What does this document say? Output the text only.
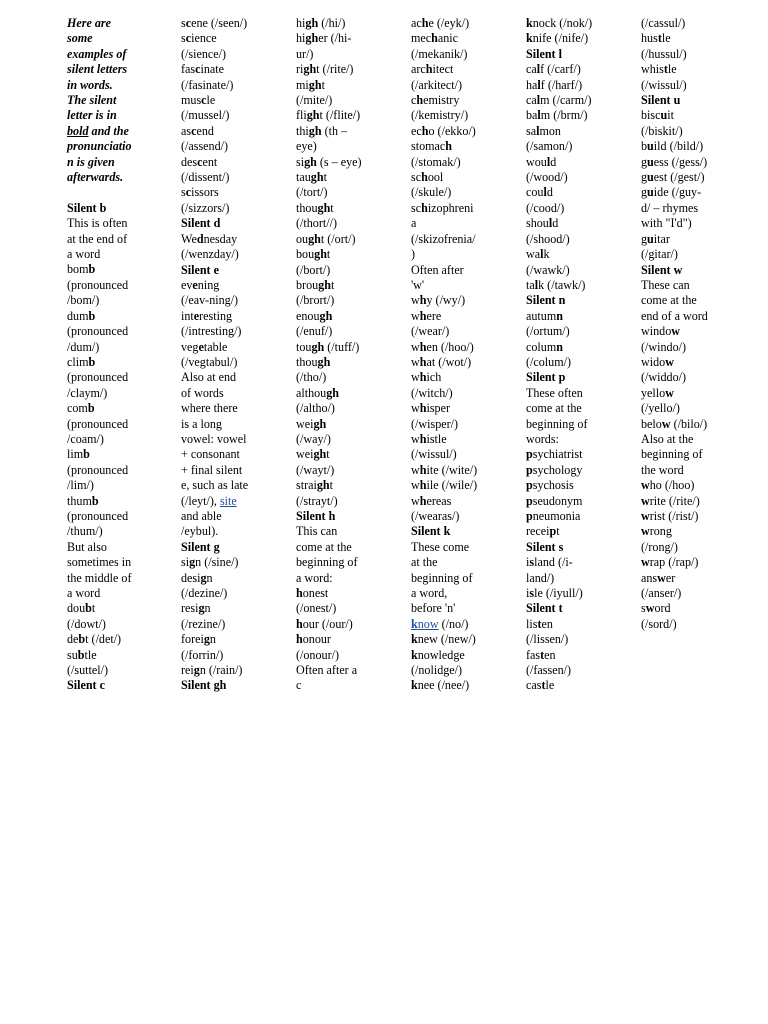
Here are
some
examples of
silent letters
in words.
The silent
letter is in
bold and the
pronunciatio
n is given
afterwards.
Silent b
This is often
at the end of
a word
bomb
(pronounced
/bom/)
dumb
(pronounced
/dum/)
climb
(pronounced
/claym/)
comb
(pronounced
/coam/)
limb
(pronounced
/lim/)
thumb
(pronounced
/thum/)
But also
sometimes in
the middle of
a word
doubt
(/dowt/)
debt (/det/)
subtle
(/suttel/)
Silent c
scene (/seen/)
science
(/sience/)
fascinate
(/fasinate/)
muscle
(/mussel/)
ascend
(/assend/)
descent
(/dissent/)
scissors
(/sizzors/)
Silent d
Wednesday
(/wenzday/)
Silent e
evening
(/eav-ning/)
interesting
(/intresting/)
vegetable
(/vegtabul/)
Also at end
of words
where there
is a long
vowel: vowel
+ consonant
+ final silent
e, such as late
(/leyt/), site
and able
/eybul).
Silent g
sign (/sine/)
design
(/dezine/)
resign
(/rezine/)
foreign
(/forrin/)
reign (/rain/)
Silent gh
high (/hi/)
higher (/hi-
ur/)
right (/rite/)
might
(/mite/)
flight (/flite/)
thigh (th –
eye)
sigh (s – eye)
taught
(/tort/)
thought
(/thort//)
ought (/ort/)
bought
(/bort/)
brought
(/brort/)
enough
(/enuf/)
tough (/tuff/)
though
(/tho/)
although
(/altho/)
weigh
(/way/)
weight
(/wayt/)
straight
(/strayt/)
Silent h
This can
come at the
beginning of
a word:
honest
(/onest/)
hour (/our/)
honour
(/onour/)
Often after a
c
ache (/eyk/)
mechanic
(/mekanik/)
architect
(/arkitect/)
chemistry
(/kemistry/)
echo (/ekko/)
stomach
(/stomak/)
school
(/skule/)
schizophreni
a
(/skizofrenia/
)
Often after
'w'
why (/wy/)
where
(/wear/)
when (/hoo/)
what (/wot/)
which
(/witch/)
whisper
(/wisper/)
whistle
(/wissul/)
white (/wite/)
while (/wile/)
whereas
(/wearas/)
Silent k
These come
at the
beginning of
a word,
before 'n'
know (/no/)
knew (/new/)
knowledge
(/nolidge/)
knee (/nee/)
knock (/nok/)
knife (/nife/)
Silent l
calf (/carf/)
half (/harf/)
calm (/carm/)
balm (/brm/)
salmon
(/samon/)
would
(/wood/)
could
(/cood/)
should
(/shood/)
walk
(/wawk/)
talk (/tawk/)
Silent n
autumn
(/ortum/)
column
(/colum/)
Silent p
These often
come at the
beginning of
words:
psychiatrist
psychology
psychosis
pseudonym
pneumonia
receipt
Silent s
island (/i-
land/)
isle (/iyull/)
Silent t
listen
(/lissen/)
fasten
(/fassen/)
castle
(/cassul/)
hustle
(/hussul/)
whistle
(/wissul/)
Silent u
biscuit
(/biskit/)
build (/bild/)
guess (/gess/)
guest (/gest/)
guide (/guy-
d/ – rhymes
with "I'd")
guitar
(/gitar/)
Silent w
These can
come at the
end of a word
window
(/windo/)
widow
(/widdo/)
yellow
(/yello/)
below (/bilo/)
Also at the
beginning of
the word
who (/hoo)
write (/rite/)
wrist (/rist/)
wrong
(/rong/)
wrap (/rap/)
answer
(/anser/)
sword
(/sord/)
